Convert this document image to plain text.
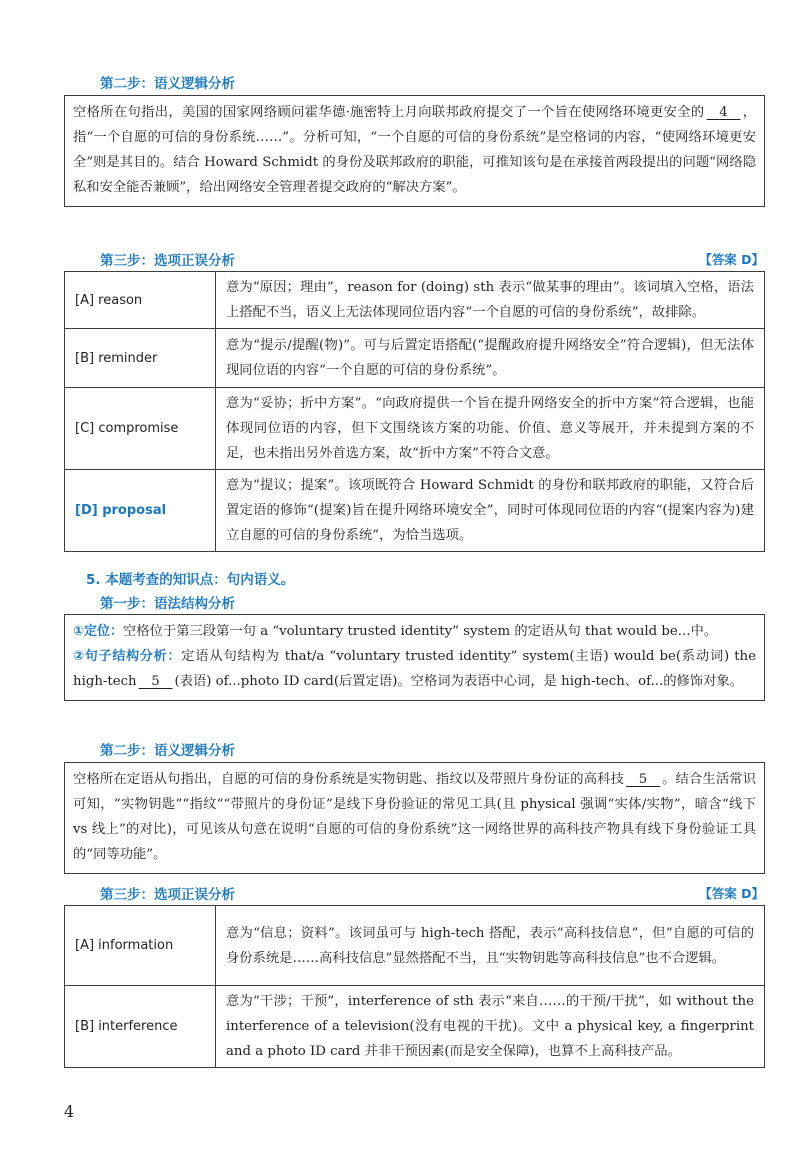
第二步：语义逻辑分析

空格所在句指出，美国的国家网络顾问霍华德·施密特上月向联邦政府提交了一个旨在使网络环境更安全的 4 ，指“一个自愿的可信的身份系统……”。分析可知，“一个自愿的可信的身份系统”是空格词的内容，“使网络环境更安全”则是其目的。结合 Howard Schmidt 的身份及联邦政府的职能，可推知该句是在承接首两段提出的问题“网络隐私和安全能否兼顾”，给出网络安全管理者提交政府的“解决方案”。

第三步：选项正误分析	【答案 D】
[A] reason	意为“原因；理由”，reason for (doing) sth 表示“做某事的理由”。该词填入空格，语法上搭配不当，语义上无法体现同位语内容“一个自愿的可信的身份系统”，故排除。
[B] reminder	意为“提示/提醒(物)”。可与后置定语搭配(“提醒政府提升网络安全”符合逻辑)，但无法体现同位语的内容“一个自愿的可信的身份系统”。
[C] compromise	意为“妥协；折中方案”。“向政府提供一个旨在提升网络安全的折中方案”符合逻辑，也能体现同位语的内容，但下文围绕该方案的功能、价值、意义等展开，并未提到方案的不足，也未指出另外首选方案，故“折中方案”不符合文意。
[D] proposal	意为“提议；提案”。该项既符合 Howard Schmidt 的身份和联邦政府的职能，又符合后置定语的修饰“(提案)旨在提升网络环境安全”，同时可体现同位语的内容“(提案内容为)建立自愿的可信的身份系统”，为恰当选项。
5. 本题考查的知识点：句内语义。
第一步：语法结构分析

①定位：空格位于第三段第一句 a “voluntary trusted identity” system 的定语从句 that would be...中。

②句子结构分析：定语从句结构为 that/a “voluntary trusted identity” system(主语) would be(系动词) the high-tech 5 (表语) of...photo ID card(后置定语)。空格词为表语中心词，是 high-tech、of...的修饰对象。

第二步：语义逻辑分析

空格所在定语从句指出，自愿的可信的身份系统是实物钥匙、指纹以及带照片身份证的高科技 5 。结合生活常识可知，“实物钥匙”“指纹”“带照片的身份证”是线下身份验证的常见工具(且 physical 强调“实体/实物”，暗含“线下 vs 线上”的对比)，可见该从句意在说明“自愿的可信的身份系统”这一网络世界的高科技产物具有线下身份验证工具的“同等功能”。

第三步：选项正误分析	【答案 D】
[A] information	意为“信息；资料”。该词虽可与 high-tech 搭配，表示“高科技信息”，但“自愿的可信的身份系统是……高科技信息”显然搭配不当，且“实物钥匙等高科技信息”也不合逻辑。
[B] interference	意为“干涉；干预”，interference of sth 表示“来自……的干预/干扰”，如 without the interference of a television(没有电视的干扰)。文中 a physical key, a fingerprint and a photo ID card 并非干预因素(而是安全保障)，也算不上高科技产品。
4
